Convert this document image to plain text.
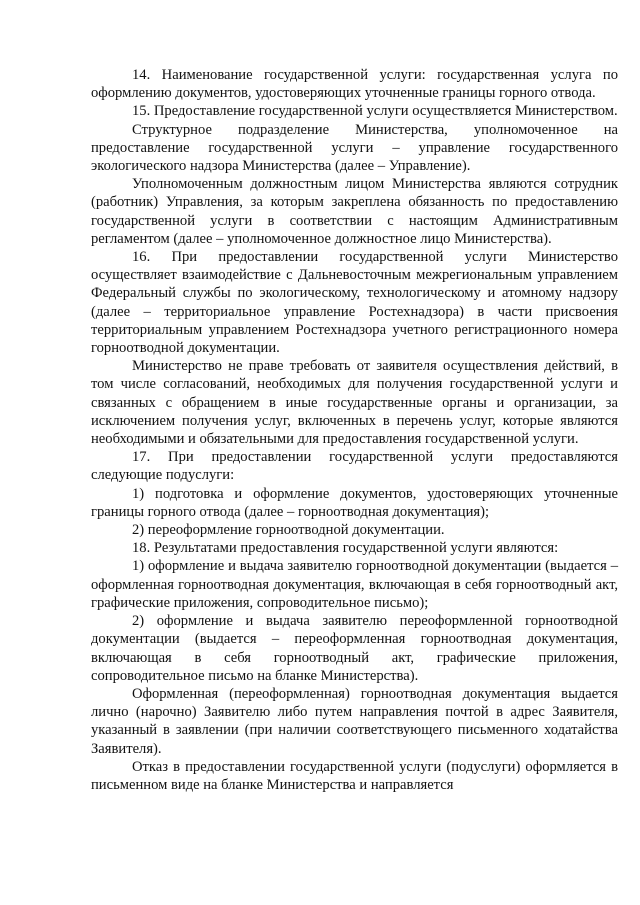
14. Наименование государственной услуги: государственная услуга по оформлению документов, удостоверяющих уточненные границы горного отвода.

15. Предоставление государственной услуги осуществляется Министерством.

Структурное подразделение Министерства, уполномоченное на предоставление государственной услуги – управление государственного экологического надзора Министерства (далее – Управление).

Уполномоченным должностным лицом Министерства являются сотрудник (работник) Управления, за которым закреплена обязанность по предоставлению государственной услуги в соответствии с настоящим Административным регламентом (далее – уполномоченное должностное лицо Министерства).

16. При предоставлении государственной услуги Министерство осуществляет взаимодействие с Дальневосточным межрегиональным управлением Федеральный службы по экологическому, технологическому и атомному надзору (далее – территориальное управление Ростехнадзора) в части присвоения территориальным управлением Ростехнадзора учетного регистрационного номера горноотводной документации.

Министерство не праве требовать от заявителя осуществления действий, в том числе согласований, необходимых для получения государственной услуги и связанных с обращением в иные государственные органы и организации, за исключением получения услуг, включенных в перечень услуг, которые являются необходимыми и обязательными для предоставления государственной услуги.

17. При предоставлении государственной услуги предоставляются следующие подуслуги:

1) подготовка и оформление документов, удостоверяющих уточненные границы горного отвода (далее – горноотводная документация);

2) переоформление горноотводной документации.

18. Результатами предоставления государственной услуги являются:

1) оформление и выдача заявителю горноотводной документации (выдается – оформленная горноотводная документация, включающая в себя горноотводный акт, графические приложения, сопроводительное письмо);

2) оформление и выдача заявителю переоформленной горноотводной документации (выдается – переоформленная горноотводная документация, включающая в себя горноотводный акт, графические приложения, сопроводительное письмо на бланке Министерства).

Оформленная (переоформленная) горноотводная документация выдается лично (нарочно) Заявителю либо путем направления почтой в адрес Заявителя, указанный в заявлении (при наличии соответствующего письменного ходатайства Заявителя).

Отказ в предоставлении государственной услуги (подуслуги) оформляется в письменном виде на бланке Министерства и направляется
